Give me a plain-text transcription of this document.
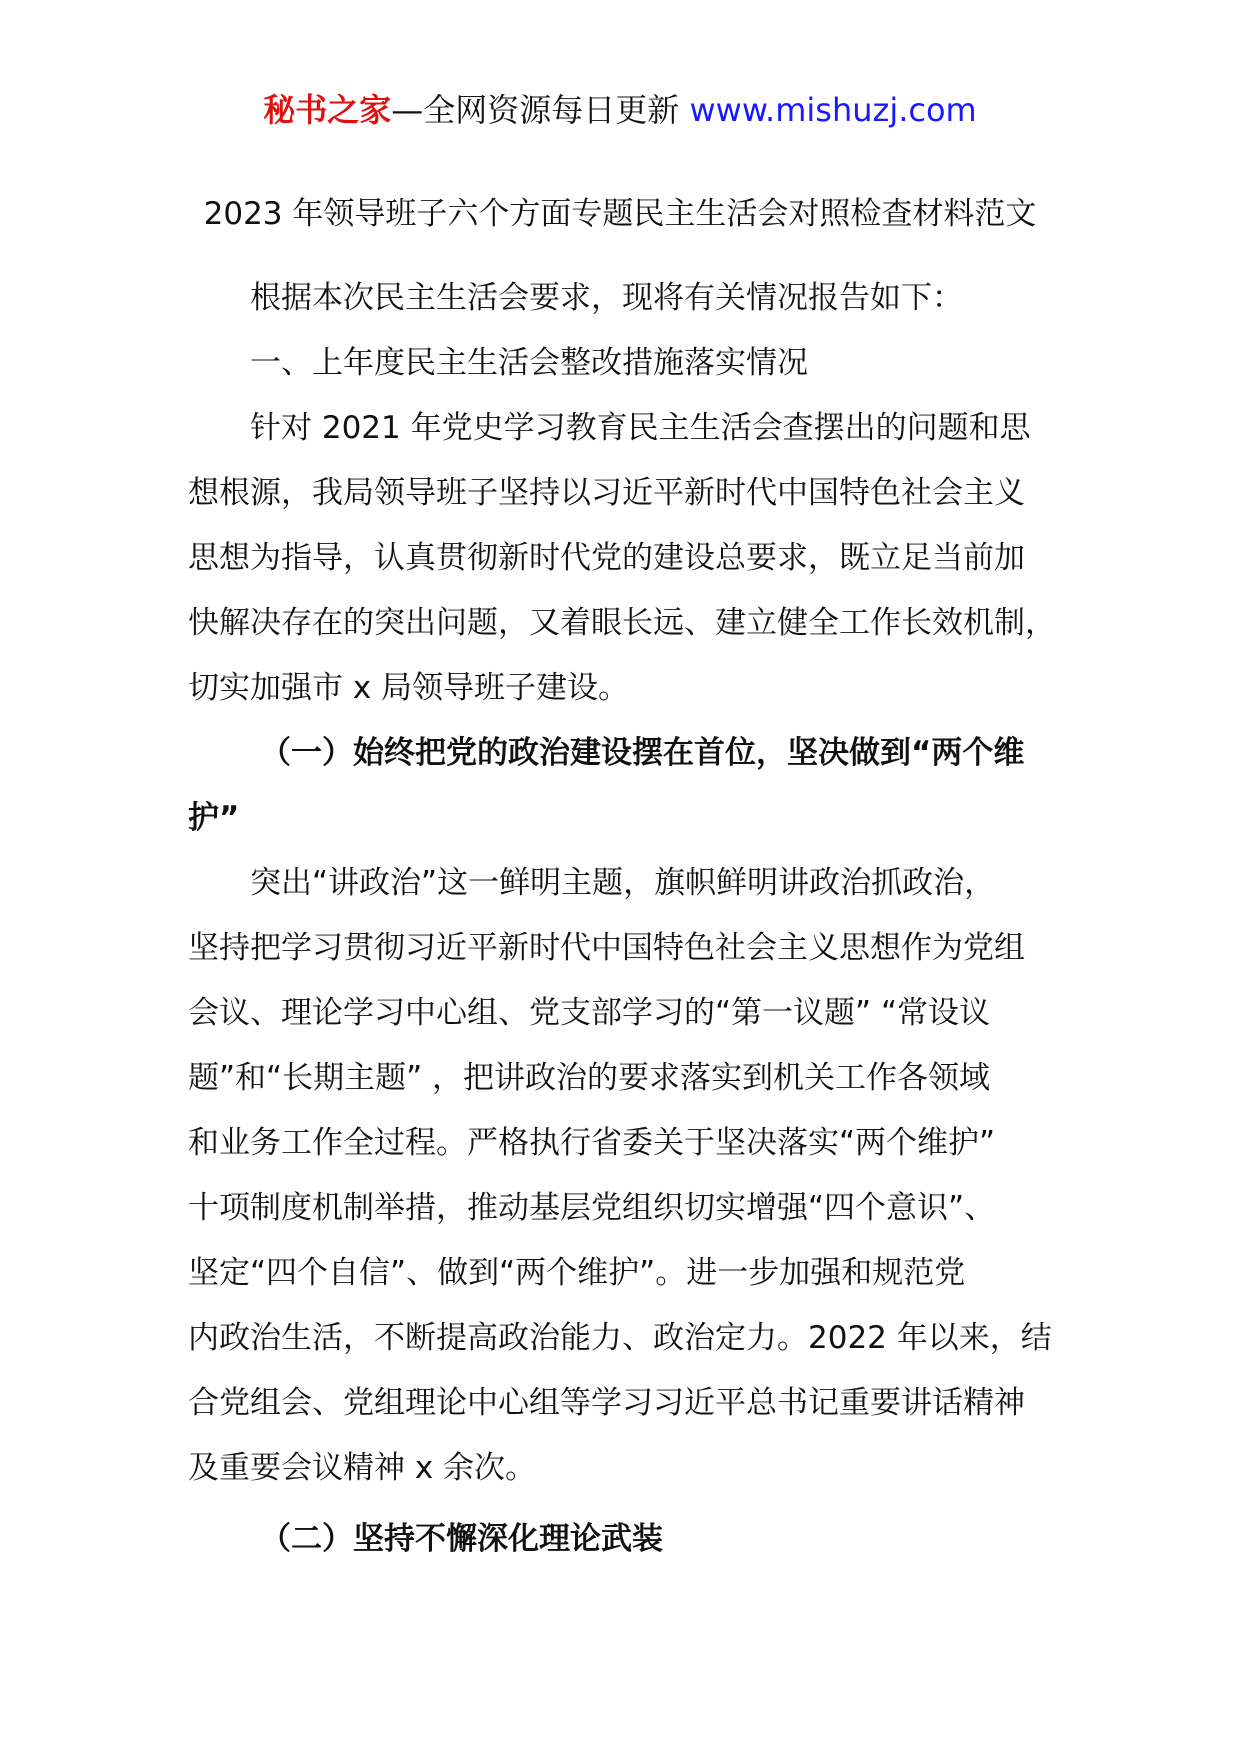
秘书之家—全网资源每日更新 www.mishuzj.com
2023 年领导班子六个方面专题民主生活会对照检查材料范文
根据本次民主生活会要求，现将有关情况报告如下：
一、上年度民主生活会整改措施落实情况
针对 2021 年党史学习教育民主生活会查摆出的问题和思
想根源，我局领导班子坚持以习近平新时代中国特色社会主义
思想为指导，认真贯彻新时代党的建设总要求，既立足当前加
快解决存在的突出问题，又着眼长远、建立健全工作长效机制，
切实加强市 x 局领导班子建设。
（一）始终把党的政治建设摆在首位，坚决做到“两个维
护”
突出“讲政治”这一鲜明主题，旗帜鲜明讲政治抓政治，
坚持把学习贯彻习近平新时代中国特色社会主义思想作为党组
会议、理论学习中心组、党支部学习的“第一议题” “常设议
题”和“长期主题” ，把讲政治的要求落实到机关工作各领域
和业务工作全过程。严格执行省委关于坚决落实“两个维护”
十项制度机制举措，推动基层党组织切实增强“四个意识”、
坚定“四个自信”、做到“两个维护”。进一步加强和规范党
内政治生活，不断提高政治能力、政治定力。2022 年以来，结
合党组会、党组理论中心组等学习习近平总书记重要讲话精神
及重要会议精神 x 余次。
（二）坚持不懈深化理论武装
